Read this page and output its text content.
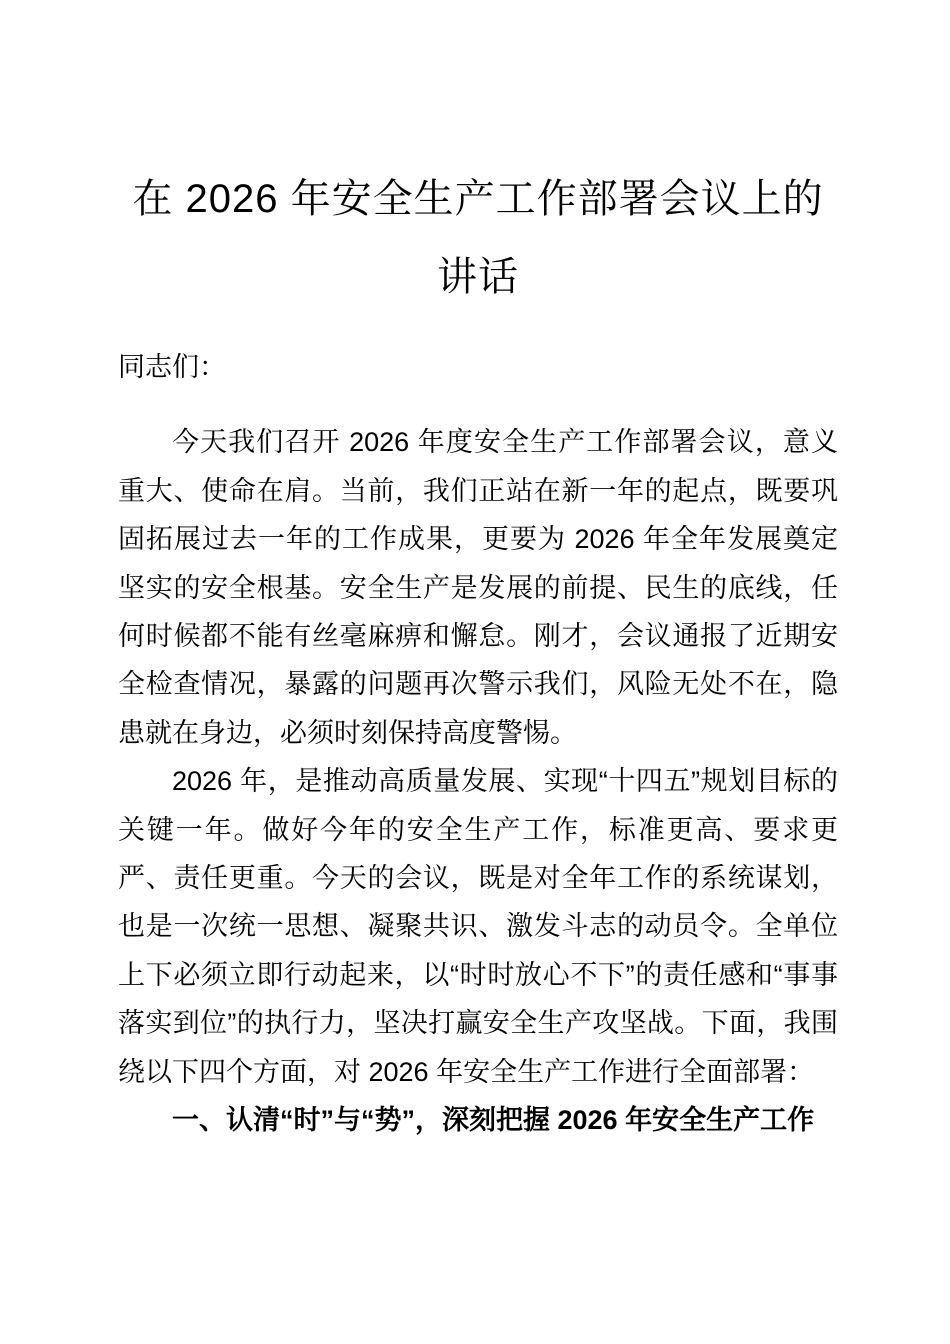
在 2026 年安全生产工作部署会议上的
讲话

同志们：

今天我们召开 2026 年度安全生产工作部署会议，意义重大、使命在肩。当前，我们正站在新一年的起点，既要巩固拓展过去一年的工作成果，更要为 2026 年全年发展奠定坚实的安全根基。安全生产是发展的前提、民生的底线，任何时候都不能有丝毫麻痹和懈怠。刚才，会议通报了近期安全检查情况，暴露的问题再次警示我们，风险无处不在，隐患就在身边，必须时刻保持高度警惕。

2026 年，是推动高质量发展、实现“十四五”规划目标的关键一年。做好今年的安全生产工作，标准更高、要求更严、责任更重。今天的会议，既是对全年工作的系统谋划，也是一次统一思想、凝聚共识、激发斗志的动员令。全单位上下必须立即行动起来，以“时时放心不下”的责任感和“事事落实到位”的执行力，坚决打赢安全生产攻坚战。下面，我围绕以下四个方面，对 2026 年安全生产工作进行全面部署：

一、认清“时”与“势”，深刻把握 2026 年安全生产工作
